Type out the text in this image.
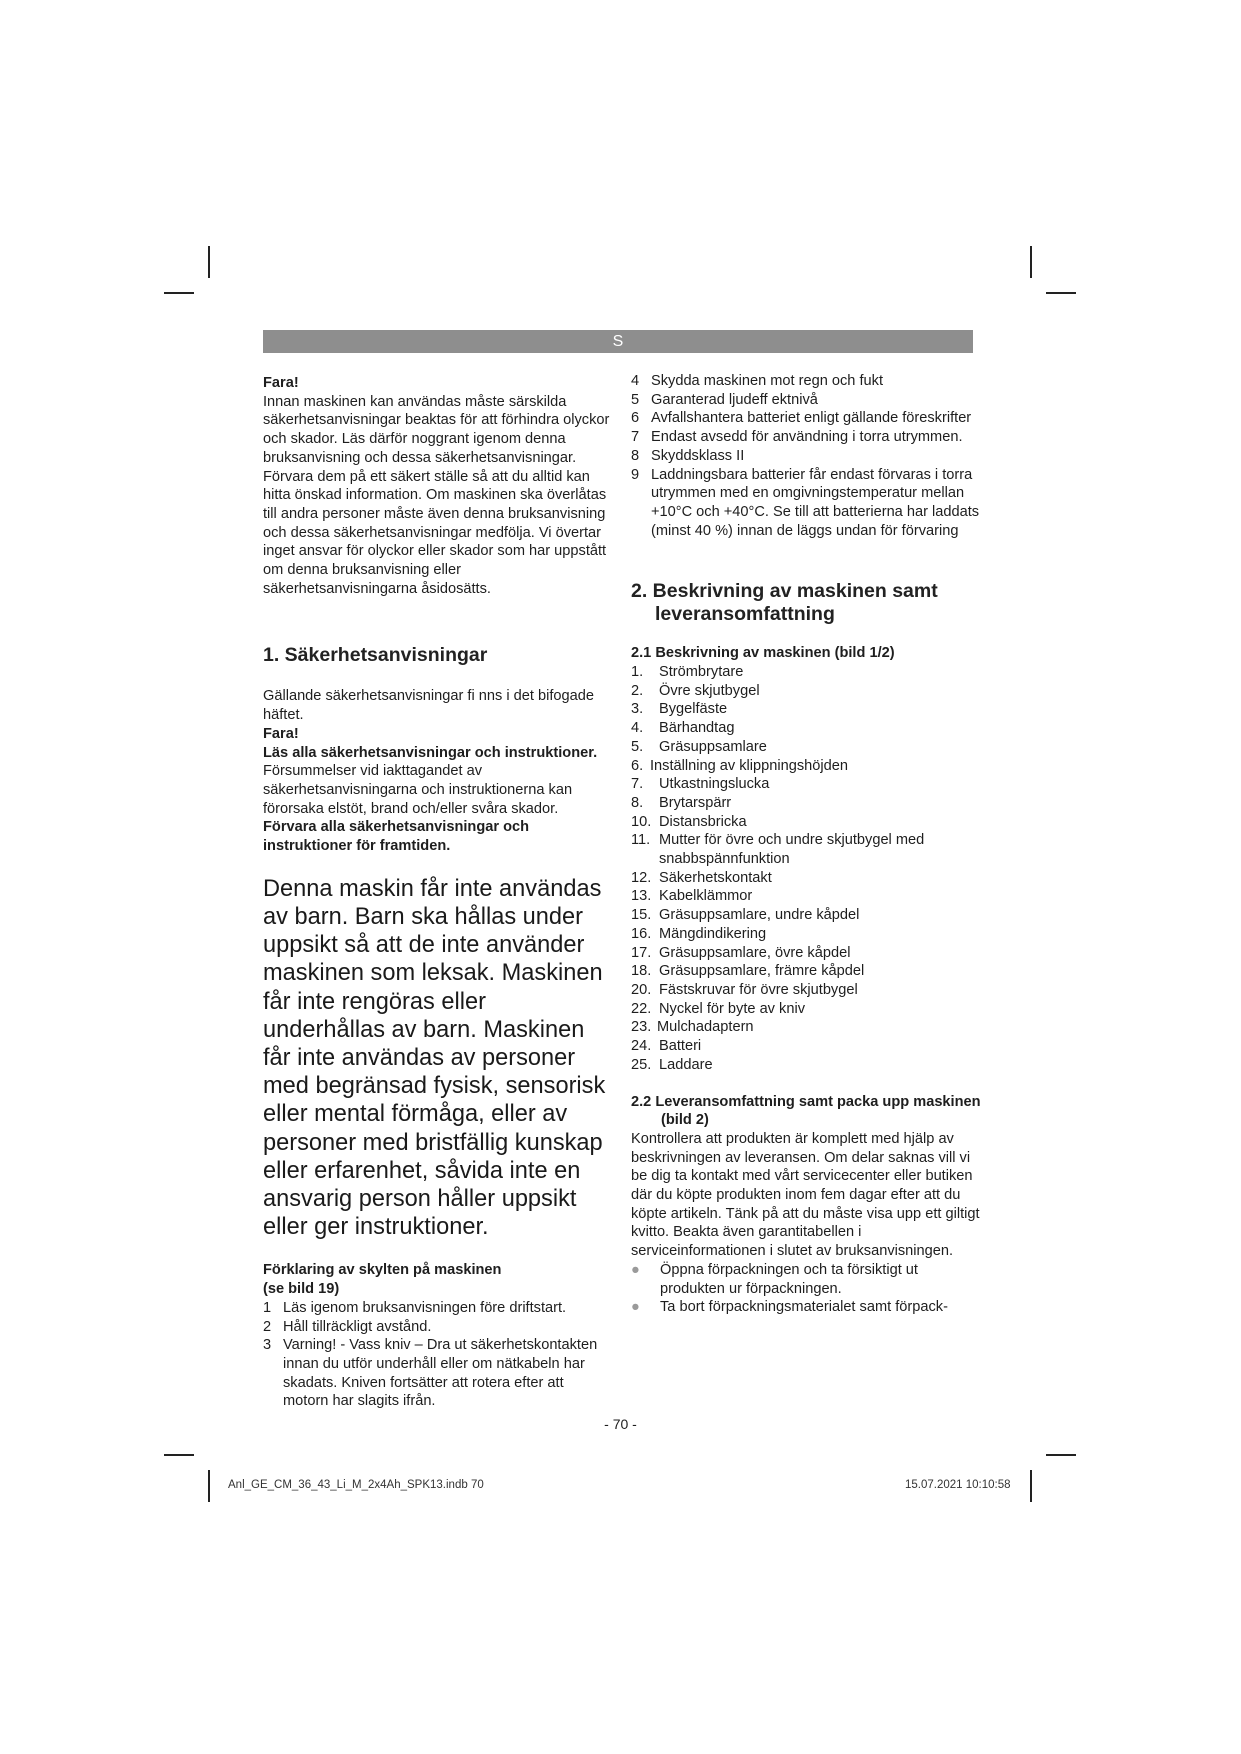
S

Fara!

Innan maskinen kan användas måste särskilda säkerhetsanvisningar beaktas för att förhindra olyckor och skador. Läs därför noggrant igenom denna bruksanvisning och dessa säkerhetsanvisningar. Förvara dem på ett säkert ställe så att du alltid kan hitta önskad information. Om maskinen ska överlåtas till andra personer måste även denna bruksanvisning och dessa säkerhetsanvisningar medfölja. Vi övertar inget ansvar för olyckor eller skador som har uppstått om denna bruksanvisning eller säkerhetsanvisningarna åsidosätts.

1. Säkerhetsanvisningar

Gällande säkerhetsanvisningar fi nns i det bifogade häftet.

Fara!

Läs alla säkerhetsanvisningar och instruktioner. Försummelser vid iakttagandet av säkerhetsanvisningarna och instruktionerna kan förorsaka elstöt, brand och/eller svåra skador. Förvara alla säkerhetsanvisningar och instruktioner för framtiden.

Denna maskin får inte användas av barn. Barn ska hållas under uppsikt så att de inte använder maskinen som leksak. Maskinen får inte rengöras eller underhållas av barn. Maskinen får inte användas av personer med begränsad fysisk, sensorisk eller mental förmåga, eller av personer med bristfällig kunskap eller erfarenhet, såvida inte en ansvarig person håller uppsikt eller ger instruktioner.

Förklaring av skylten på maskinen

(se bild 19)

1 Läs igenom bruksanvisningen före driftstart.
2 Håll tillräckligt avstånd.
3 Varning! - Vass kniv – Dra ut säkerhetskontakten innan du utför underhåll eller om nätkabeln har skadats. Kniven fortsätter att rotera efter att motorn har slagits ifrån.
4 Skydda maskinen mot regn och fukt
5 Garanterad ljudeff ektnivå
6 Avfallshantera batteriet enligt gällande föreskrifter
7 Endast avsedd för användning i torra utrymmen.
8 Skyddsklass II
9 Laddningsbara batterier får endast förvaras i torra utrymmen med en omgivningstemperatur mellan +10°C och +40°C. Se till att batterierna har laddats (minst 40 %) innan de läggs undan för förvaring

2. Beskrivning av maskinen samt leveransomfattning

2.1 Beskrivning av maskinen (bild 1/2)

1.	Strömbrytare
2.	Övre skjutbygel
3.	Bygelfäste
4.	Bärhandtag
5.	Gräsuppsamlare
6. Inställning av klippningshöjden
7.	Utkastningslucka
8.	Brytarspärr
10. Distansbricka
11. Mutter för övre och undre skjutbygel med snabbspännfunktion
12. Säkerhetskontakt
13. Kabelklämmor
15. Gräsuppsamlare, undre kåpdel
16. Mängdindikering
17. Gräsuppsamlare, övre kåpdel
18. Gräsuppsamlare, främre kåpdel
20. Fästskruvar för övre skjutbygel
22. Nyckel för byte av kniv
23. Mulchadaptern
24. Batteri
25. Laddare

2.2 Leveransomfattning samt packa upp maskinen (bild 2)

Kontrollera att produkten är komplett med hjälp av beskrivningen av leveransen. Om delar saknas vill vi be dig ta kontakt med vårt servicecenter eller butiken där du köpte produkten inom fem dagar efter att du köpte artikeln. Tänk på att du måste visa upp ett giltigt kvitto. Beakta även garantitabellen i serviceinformationen i slutet av bruksanvisningen.

●	Öppna förpackningen och ta försiktigt ut produkten ur förpackningen.
●	Ta bort förpackningsmaterialet samt förpack-
- 70 -
Anl_GE_CM_36_43_Li_M_2x4Ah_SPK13.indb 70	15.07.2021 10:10:58
